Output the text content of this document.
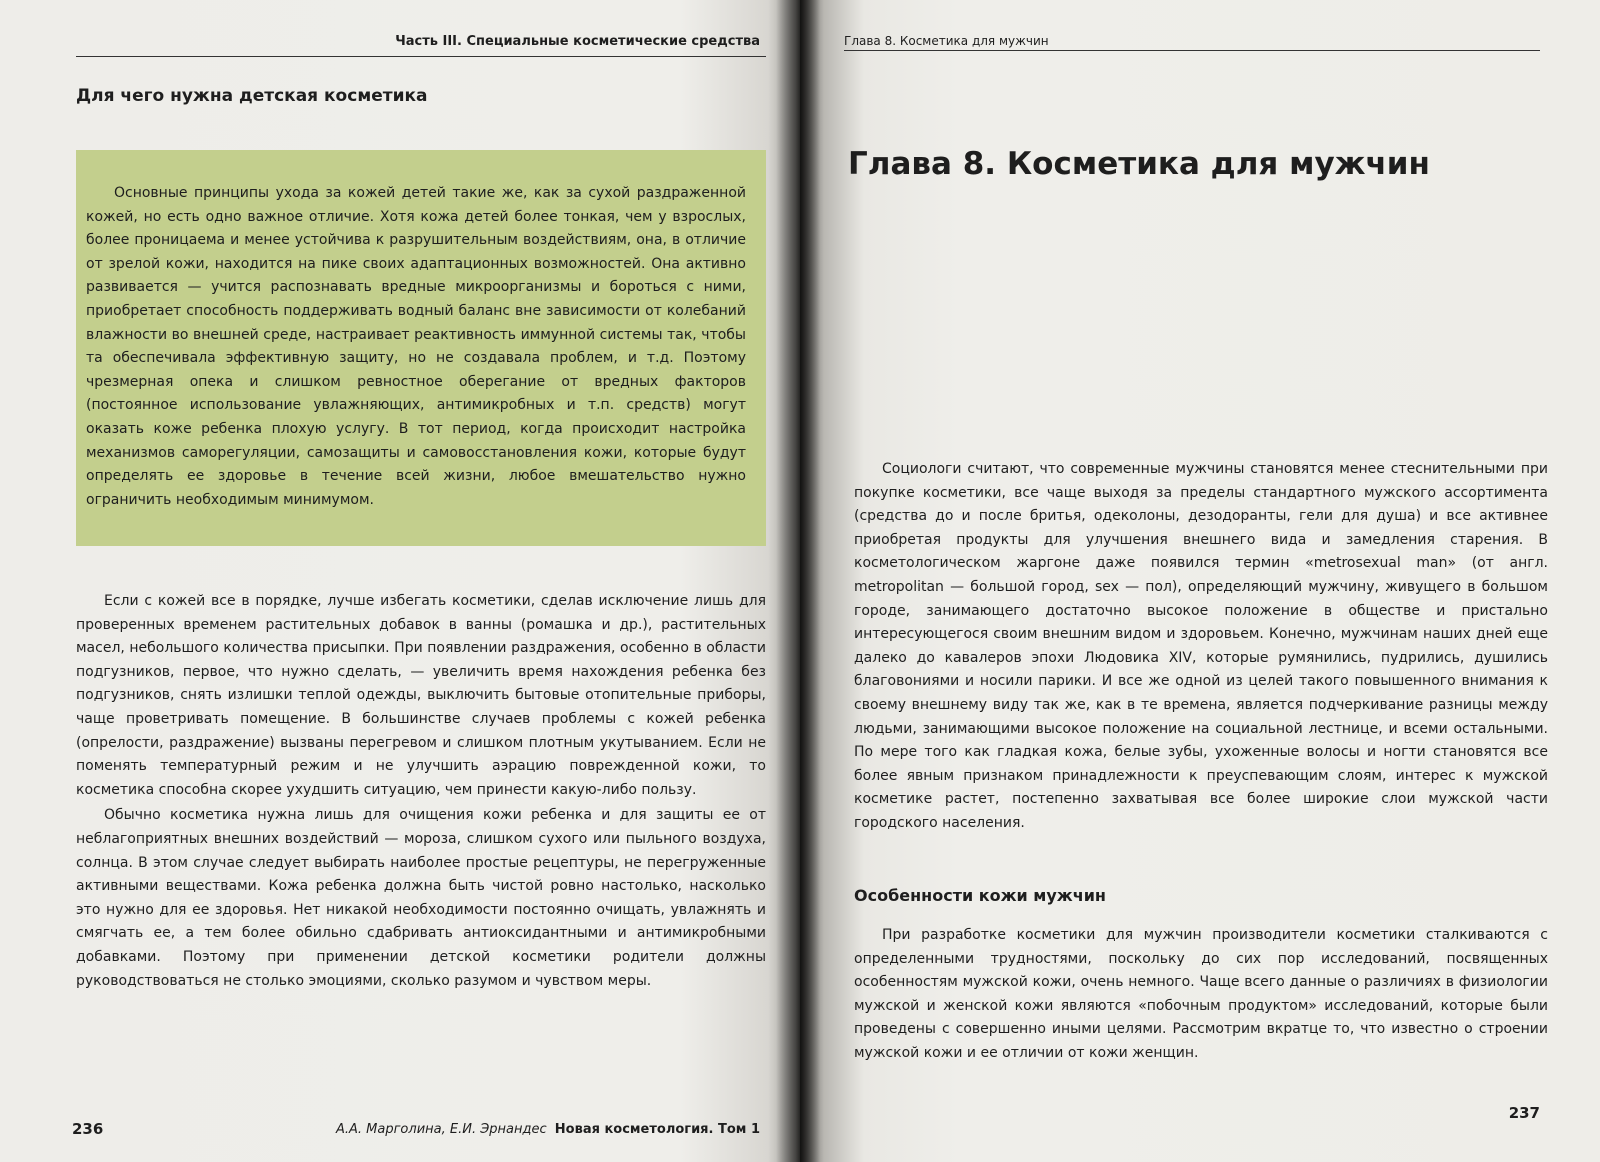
Часть III. Специальные косметические средства
Для чего нужна детская косметика

Основные принципы ухода за кожей детей такие же, как за сухой раздраженной кожей, но есть одно важное отличие. Хотя кожа детей более тонкая, чем у взрослых, более проницаема и менее устойчива к разрушительным воздействиям, она, в отличие от зрелой кожи, находится на пике своих адаптационных возможностей. Она активно развивается — учится распознавать вредные микроорганизмы и бороться с ними, приобретает способность поддерживать водный баланс вне зависимости от колебаний влажности во внешней среде, настраивает реактивность иммунной системы так, чтобы та обеспечивала эффективную защиту, но не создавала проблем, и т.д. Поэтому чрезмерная опека и слишком ревностное оберегание от вредных факторов (постоянное использование увлажняющих, антимикробных и т.п. средств) могут оказать коже ребенка плохую услугу. В тот период, когда происходит настройка механизмов саморегуляции, самозащиты и самовосстановления кожи, которые будут определять ее здоровье в течение всей жизни, любое вмешательство нужно ограничить необходимым минимумом.

Если с кожей все в порядке, лучше избегать косметики, сделав исключение лишь для проверенных временем растительных добавок в ванны (ромашка и др.), растительных масел, небольшого количества присыпки. При появлении раздражения, особенно в области подгузников, первое, что нужно сделать, — увеличить время нахождения ребенка без подгузников, снять излишки теплой одежды, выключить бытовые отопительные приборы, чаще проветривать помещение. В большинстве случаев проблемы с кожей ребенка (опрелости, раздражение) вызваны перегревом и слишком плотным укутыванием. Если не поменять температурный режим и не улучшить аэрацию поврежденной кожи, то косметика способна скорее ухудшить ситуацию, чем принести какую-либо пользу.

Обычно косметика нужна лишь для очищения кожи ребенка и для защиты ее от неблагоприятных внешних воздействий — мороза, слишком сухого или пыльного воздуха, солнца. В этом случае следует выбирать наиболее простые рецептуры, не перегруженные активными веществами. Кожа ребенка должна быть чистой ровно настолько, насколько это нужно для ее здоровья. Нет никакой необходимости постоянно очищать, увлажнять и смягчать ее, а тем более обильно сдабривать антиоксидантными и антимикробными добавками. Поэтому при применении детской косметики родители должны руководствоваться не столько эмоциями, сколько разумом и чувством меры.

236	А.А. Марголина, Е.И. Эрнандес Новая косметология. Том 1
Глава 8. Косметика для мужчин
Глава 8. Косметика для мужчин

Социологи считают, что современные мужчины становятся менее стеснительными при покупке косметики, все чаще выходя за пределы стандартного мужского ассортимента (средства до и после бритья, одеколоны, дезодоранты, гели для душа) и все активнее приобретая продукты для улучшения внешнего вида и замедления старения. В косметологическом жаргоне даже появился термин «metrosexual man» (от англ. metropolitan — большой город, sex — пол), определяющий мужчину, живущего в большом городе, занимающего достаточно высокое положение в обществе и пристально интересующегося своим внешним видом и здоровьем. Конечно, мужчинам наших дней еще далеко до кавалеров эпохи Людовика XIV, которые румянились, пудрились, душились благовониями и носили парики. И все же одной из целей такого повышенного внимания к своему внешнему виду так же, как в те времена, является подчеркивание разницы между людьми, занимающими высокое положение на социальной лестнице, и всеми остальными. По мере того как гладкая кожа, белые зубы, ухоженные волосы и ногти становятся все более явным признаком принадлежности к преуспевающим слоям, интерес к мужской косметике растет, постепенно захватывая все более широкие слои мужской части городского населения.

Особенности кожи мужчин

При разработке косметики для мужчин производители косметики сталкиваются с определенными трудностями, поскольку до сих пор исследований, посвященных особенностям мужской кожи, очень немного. Чаще всего данные о различиях в физиологии мужской и женской кожи являются «побочным продуктом» исследований, которые были проведены с совершенно иными целями. Рассмотрим вкратце то, что известно о строении мужской кожи и ее отличии от кожи женщин.

237
